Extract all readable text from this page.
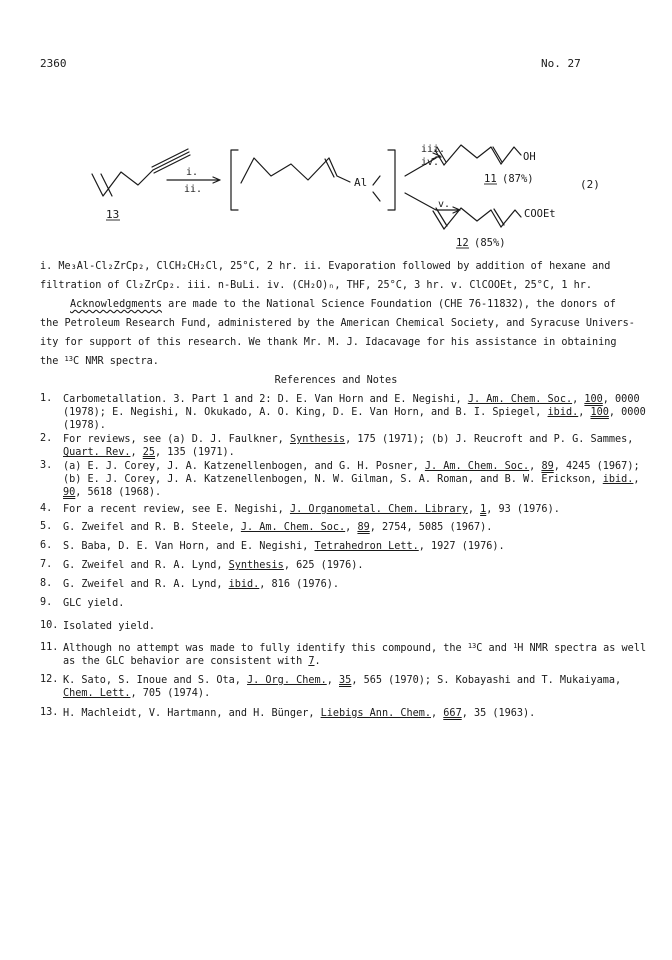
2360	No. 27
13
i.
ii.
Al
iii.
iv.
v.
OH
11 (87%)
COOEt
12 (85%)
(2)
i. Me₃Al-Cl₂ZrCp₂, ClCH₂CH₂Cl, 25°C, 2 hr. ii. Evaporation followed by addition of hexane and
filtration of Cl₂ZrCp₂. iii. n-BuLi. iv. (CH₂O)ₙ, THF, 25°C, 3 hr. v. ClCOOEt, 25°C, 1 hr.
Acknowledgments are made to the National Science Foundation (CHE 76-11832), the donors of
the Petroleum Research Fund, administered by the American Chemical Society, and Syracuse Univers-
ity for support of this research. We thank Mr. M. J. Idacavage for his assistance in obtaining
the $^{13}$C NMR spectra.
References and Notes
1. Carbometallation. 3. Part 1 and 2: D. E. Van Horn and E. Negishi, J. Am. Chem. Soc., 100, 0000 (1978); E. Negishi, N. Okukado, A. O. King, D. E. Van Horn, and B. I. Spiegel, ibid., 100, 0000 (1978).
2. For reviews, see (a) D. J. Faulkner, Synthesis, 175 (1971); (b) J. Reucroft and P. G. Sammes, Quart. Rev., 25, 135 (1971).
3. (a) E. J. Corey, J. A. Katzenellenbogen, and G. H. Posner, J. Am. Chem. Soc., 89, 4245 (1967); (b) E. J. Corey, J. A. Katzenellenbogen, N. W. Gilman, S. A. Roman, and B. W. Erickson, ibid., 90, 5618 (1968).
4. For a recent review, see E. Negishi, J. Organometal. Chem. Library, 1, 93 (1976).
5. G. Zweifel and R. B. Steele, J. Am. Chem. Soc., 89, 2754, 5085 (1967).
6. S. Baba, D. E. Van Horn, and E. Negishi, Tetrahedron Lett., 1927 (1976).
7. G. Zweifel and R. A. Lynd, Synthesis, 625 (1976).
8. G. Zweifel and R. A. Lynd, ibid., 816 (1976).
9. GLC yield.
10. Isolated yield.
11. Although no attempt was made to fully identify this compound, the $^{13}$C and $^1$H NMR spectra as well as the GLC behavior are consistent with 7.
12. K. Sato, S. Inoue and S. Ota, J. Org. Chem., 35, 565 (1970); S. Kobayashi and T. Mukaiyama, Chem. Lett., 705 (1974).
13. H. Machleidt, V. Hartmann, and H. Bünger, Liebigs Ann. Chem., 667, 35 (1963).
